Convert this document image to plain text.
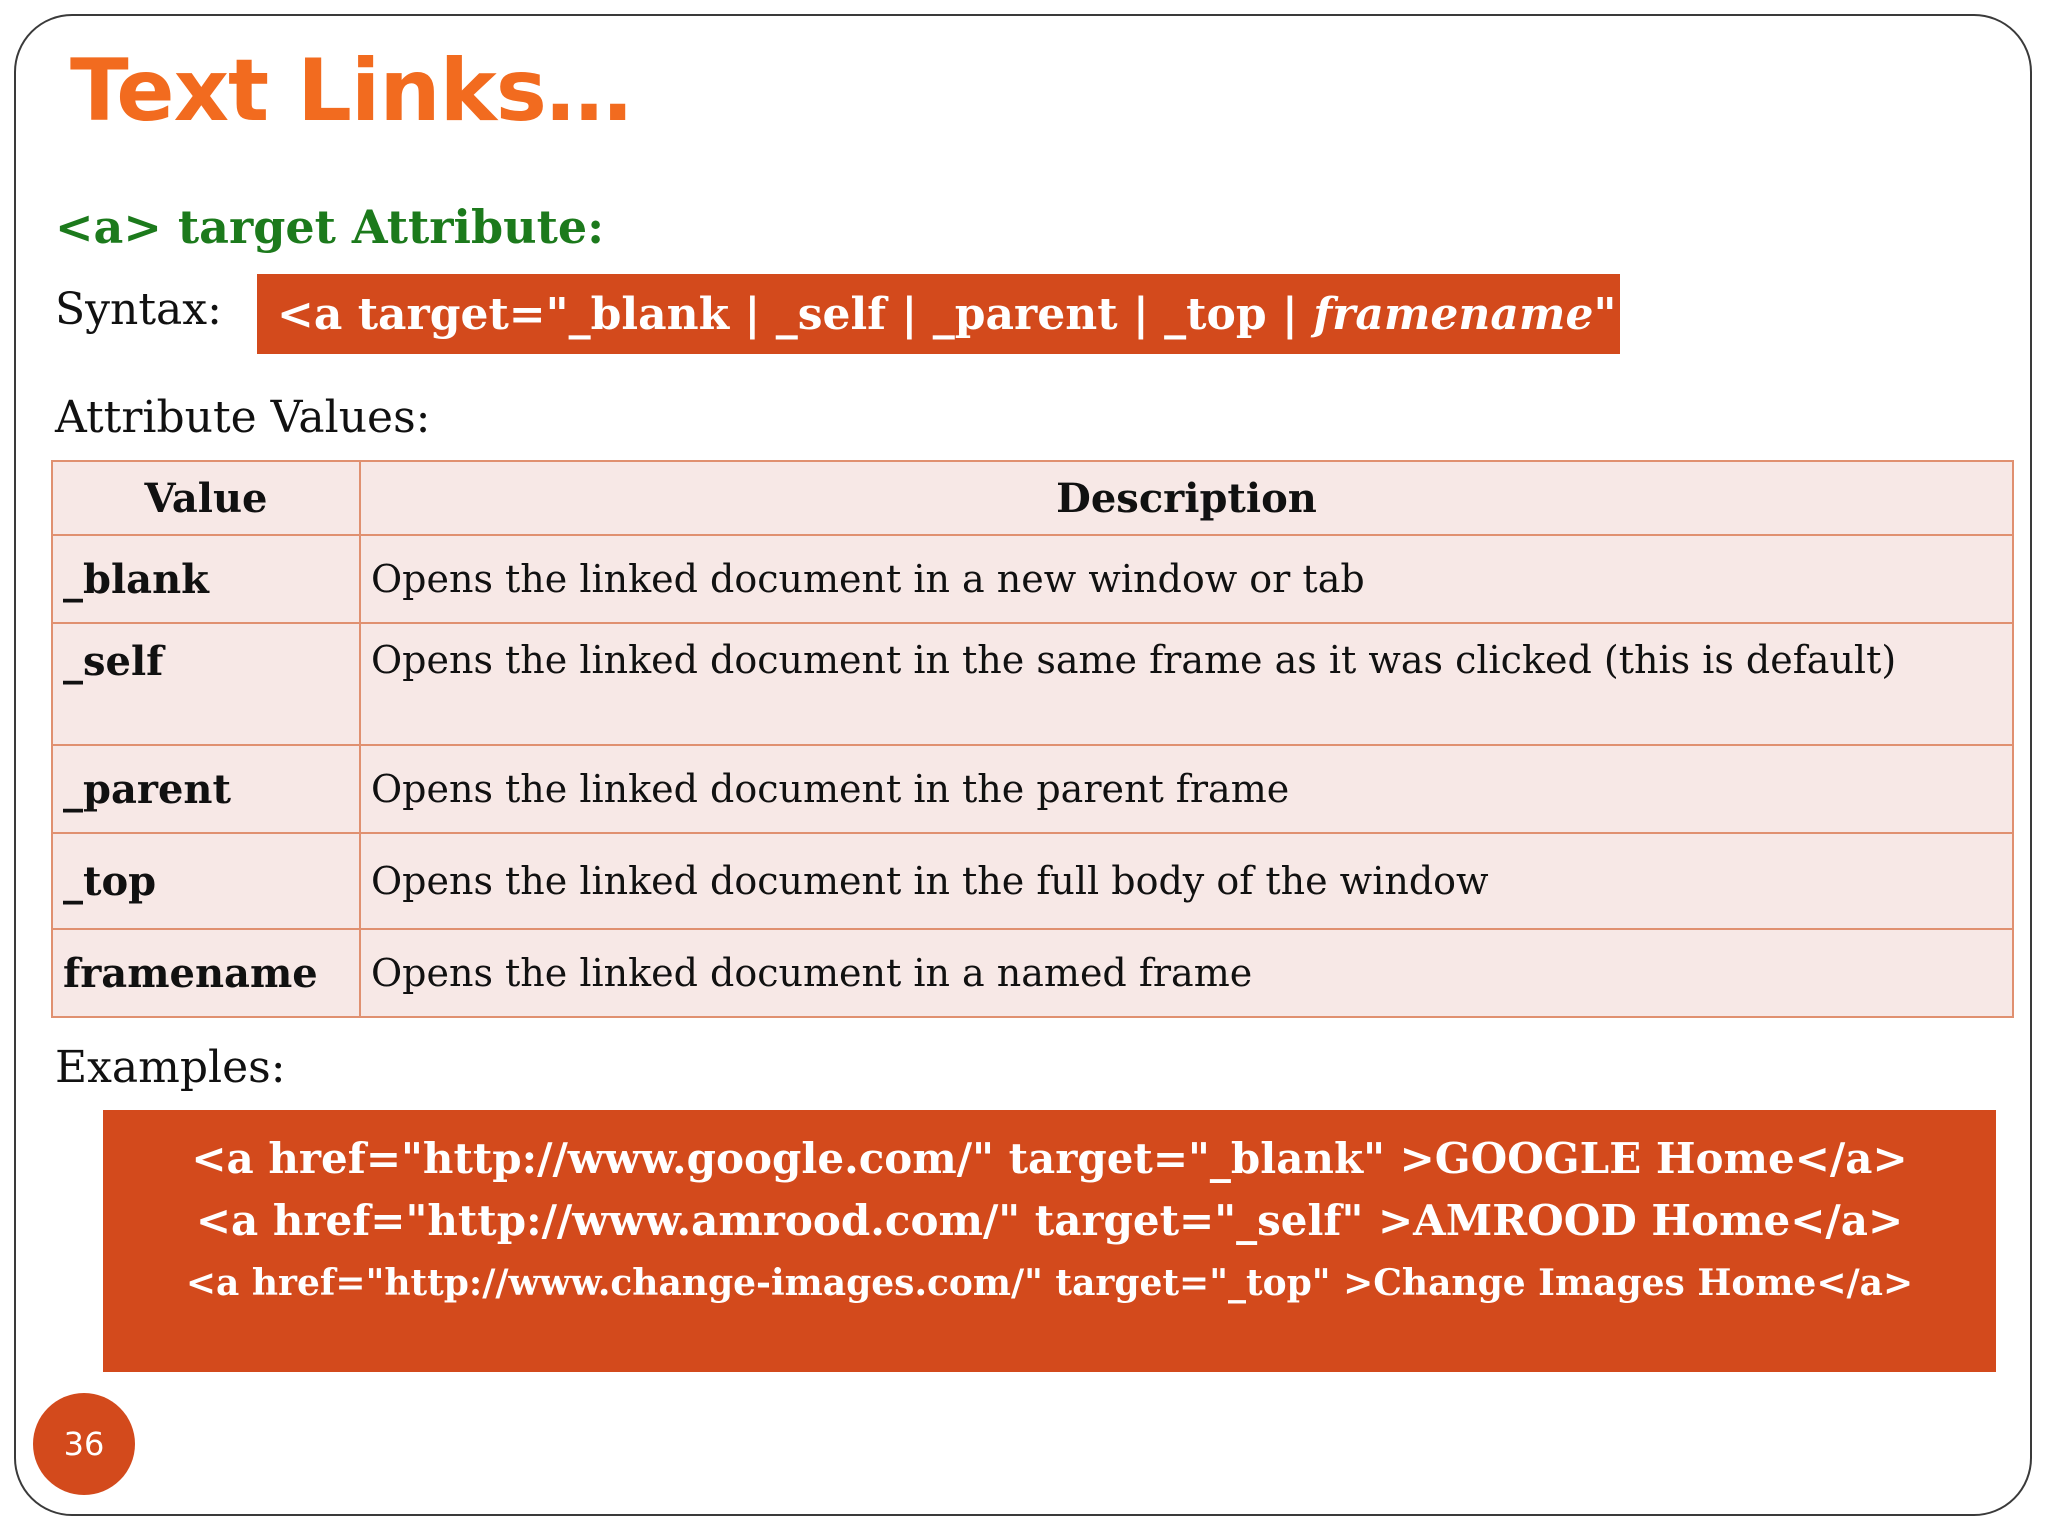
Text Links…
<a> target Attribute:
Syntax: <a target="_blank | _self | _parent | _top | framename ">
Attribute Values:
Value	Description
_blank	Opens the linked document in a new window or tab
_self	Opens the linked document in the same frame as it was clicked (this is default)
_parent	Opens the linked document in the parent frame
_top	Opens the linked document in the full body of the window
framename	Opens the linked document in a named frame
Examples:
<a href="http://www.google.com/" target="_blank" >GOOGLE Home</a>
<a href="http://www.amrood.com/" target="_self" >AMROOD Home</a>
<a href="http://www.change-images.com/" target="_top" >Change Images Home</a>
36
